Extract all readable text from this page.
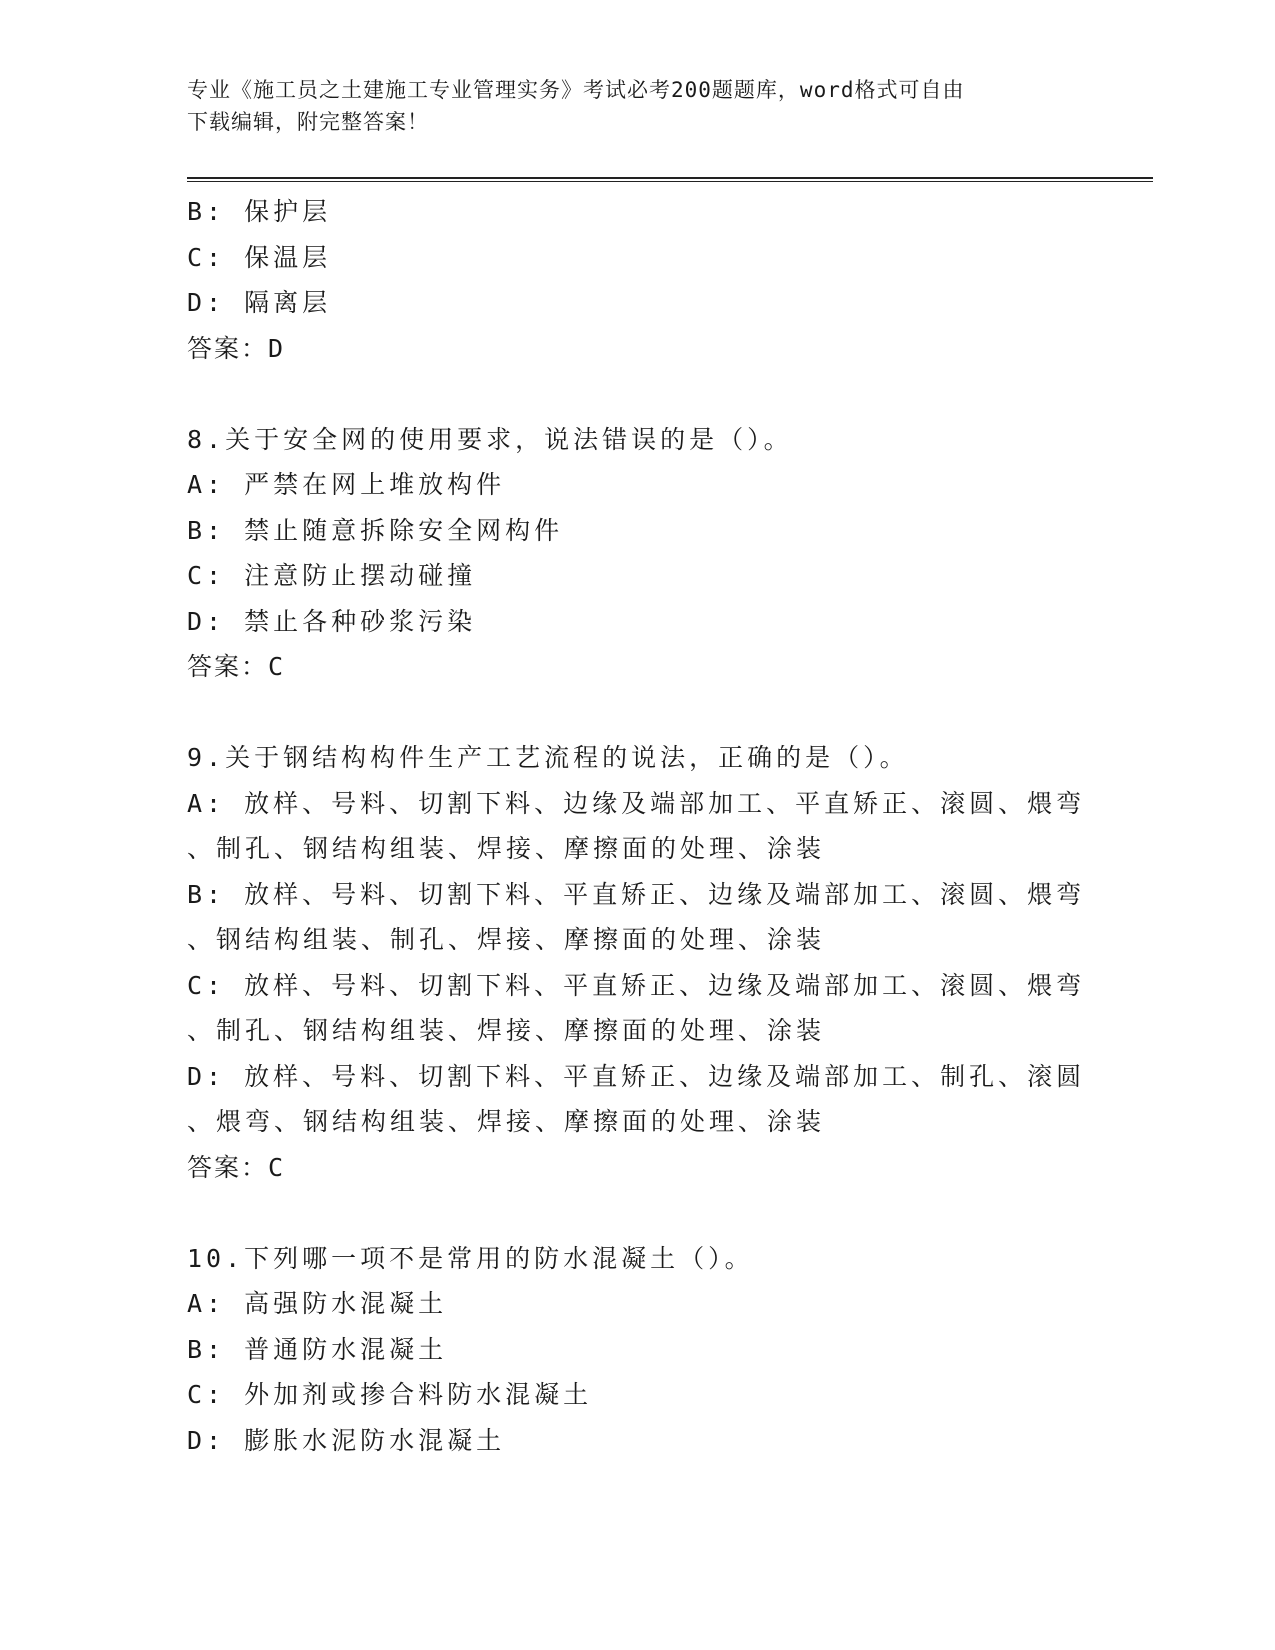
专业《施工员之土建施工专业管理实务》考试必考200题题库，word格式可自由
下载编辑，附完整答案！
B: 保护层
C: 保温层
D: 隔离层
答案：D
8.关于安全网的使用要求，说法错误的是（）。
A: 严禁在网上堆放构件
B: 禁止随意拆除安全网构件
C: 注意防止摆动碰撞
D: 禁止各种砂浆污染
答案：C
9.关于钢结构构件生产工艺流程的说法，正确的是（）。
A: 放样、号料、切割下料、边缘及端部加工、平直矫正、滚圆、煨弯
、制孔、钢结构组装、焊接、摩擦面的处理、涂装
B: 放样、号料、切割下料、平直矫正、边缘及端部加工、滚圆、煨弯
、钢结构组装、制孔、焊接、摩擦面的处理、涂装
C: 放样、号料、切割下料、平直矫正、边缘及端部加工、滚圆、煨弯
、制孔、钢结构组装、焊接、摩擦面的处理、涂装
D: 放样、号料、切割下料、平直矫正、边缘及端部加工、制孔、滚圆
、煨弯、钢结构组装、焊接、摩擦面的处理、涂装
答案：C
10.下列哪一项不是常用的防水混凝土（）。
A: 高强防水混凝土
B: 普通防水混凝土
C: 外加剂或掺合料防水混凝土
D: 膨胀水泥防水混凝土
